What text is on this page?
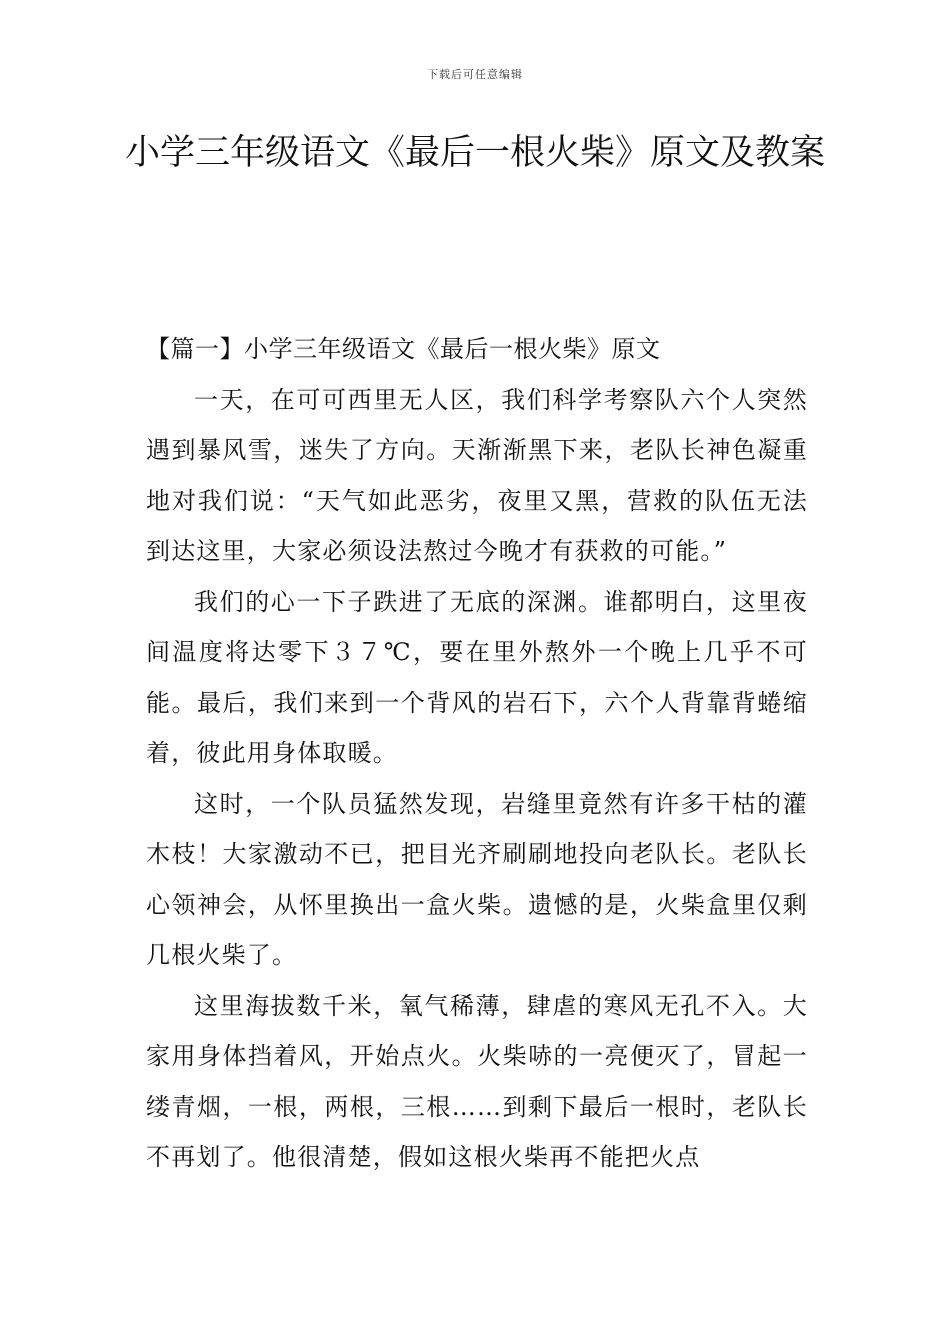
下载后可任意编辑
小学三年级语文《最后一根火柴》原文及教案

【篇一】小学三年级语文《最后一根火柴》原文

一天，在可可西里无人区，我们科学考察队六个人突然遇到暴风雪，迷失了方向。天渐渐黑下来，老队长神色凝重地对我们说：“天气如此恶劣，夜里又黑，营救的队伍无法到达这里，大家必须设法熬过今晚才有获救的可能。”

我们的心一下子跌进了无底的深渊。谁都明白，这里夜间温度将达零下３７℃，要在里外熬外一个晚上几乎不可能。最后，我们来到一个背风的岩石下，六个人背靠背蜷缩着，彼此用身体取暖。

这时，一个队员猛然发现，岩缝里竟然有许多干枯的灌木枝！大家激动不已，把目光齐刷刷地投向老队长。老队长心领神会，从怀里换出一盒火柴。遗憾的是，火柴盒里仅剩几根火柴了。

这里海拔数千米，氧气稀薄，肆虐的寒风无孔不入。大家用身体挡着风，开始点火。火柴哧的一亮便灭了，冒起一缕青烟，一根，两根，三根……到剩下最后一根时，老队长不再划了。他很清楚，假如这根火柴再不能把火点
